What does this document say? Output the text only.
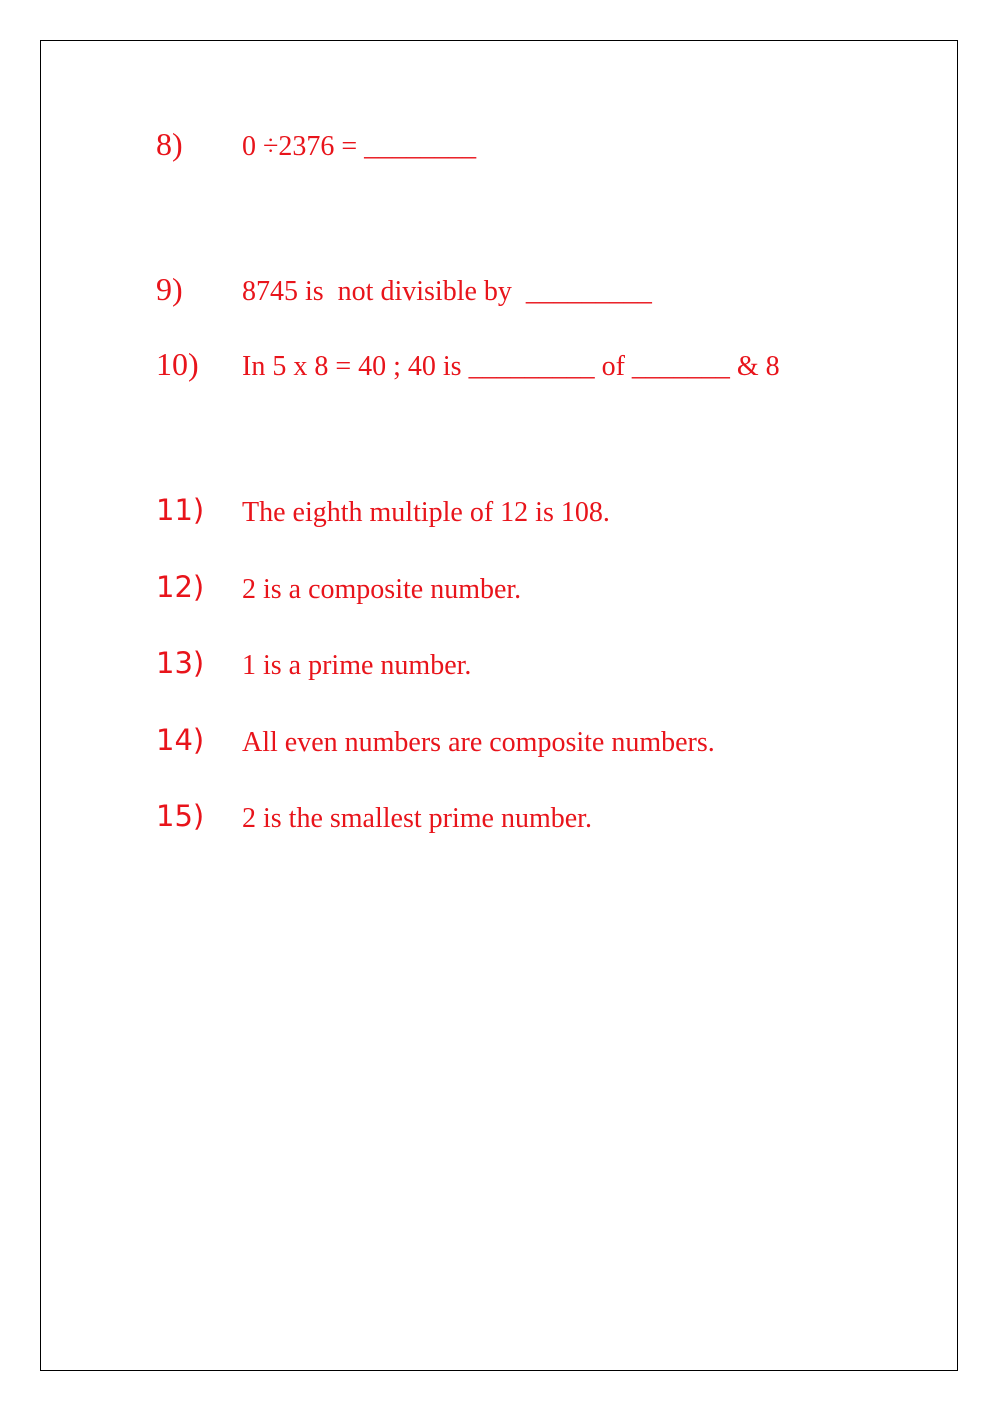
8) 0 ÷2376 = ________
9) 8745 is  not divisible by  _________
10) In 5 x 8 = 40 ; 40 is _________ of _______ & 8
11) The eighth multiple of 12 is 108.
12) 2 is a composite number.
13) 1 is a prime number.
14) All even numbers are composite numbers.
15) 2 is the smallest prime number.
